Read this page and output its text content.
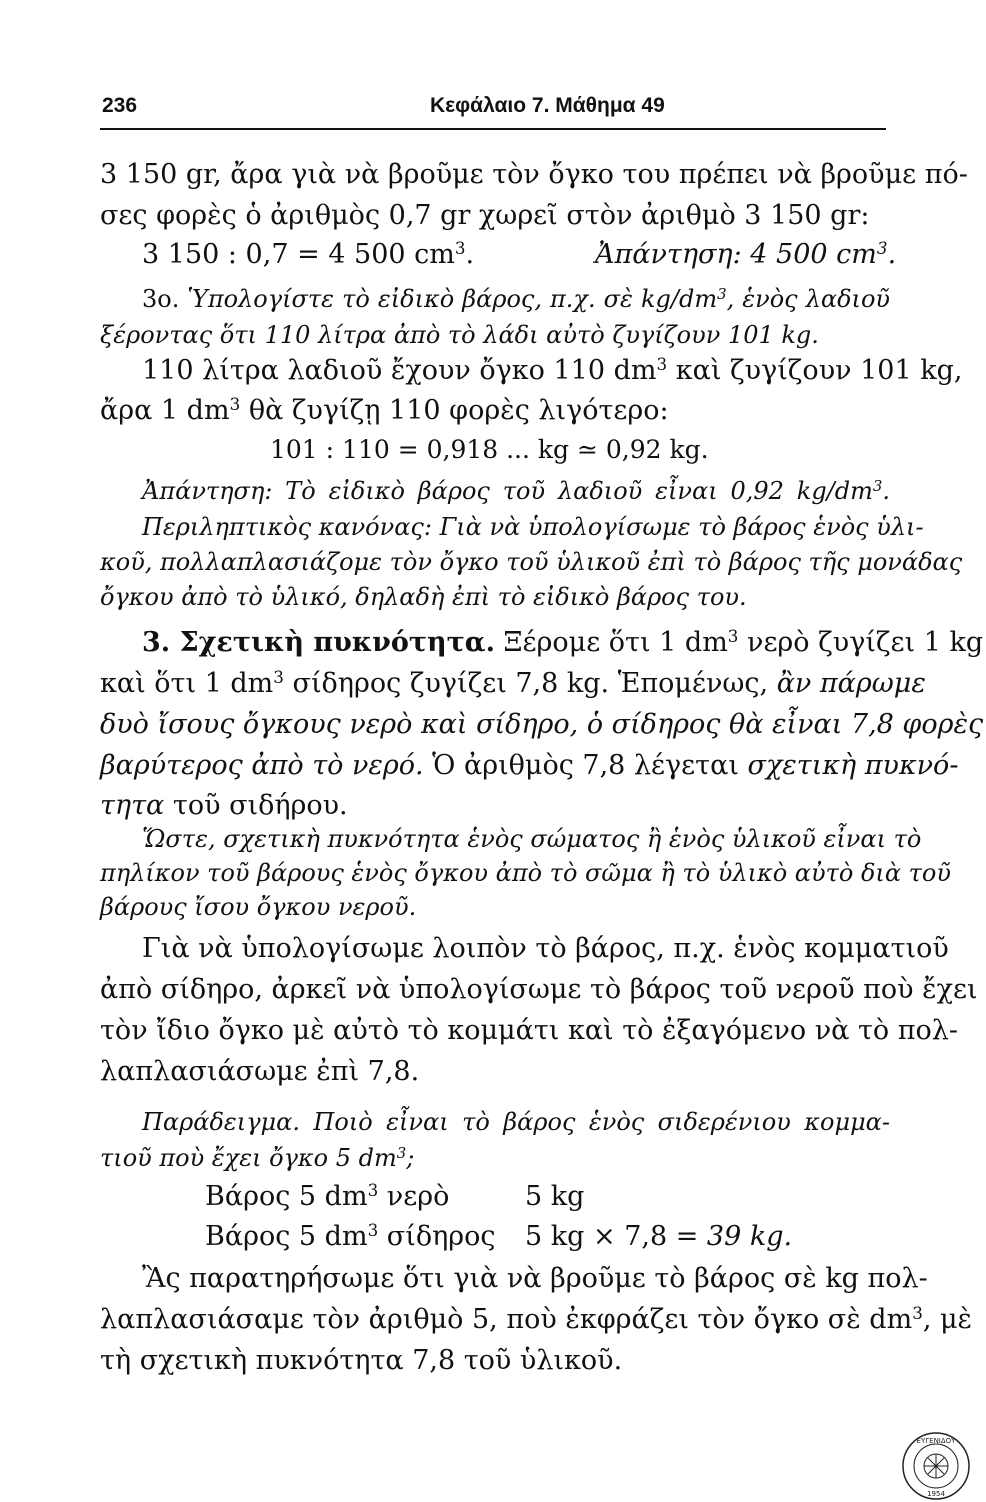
236	Κεφάλαιο 7. Μάθημα 49
3 150 gr, ἄρα γιὰ νὰ βροῦμε τὸν ὄγκο του πρέπει νὰ βροῦμε πό-
σες φορὲς ὁ ἀριθμὸς 0,7 gr χωρεῖ στὸν ἀριθμὸ 3 150 gr:
3 150 : 0,7 = 4 500 $cm^3$.	Ἀπάντηση: 4 500 $cm^3$.
3ο. Ὑπολογίστε τὸ εἰδικὸ βάρος, π.χ. σὲ $kg/dm^3$, ἑνὸς λαδιοῦ
ξέροντας ὅτι 110 λίτρα ἀπὸ τὸ λάδι αὐτὸ ζυγίζουν 101 kg.
110 λίτρα λαδιοῦ ἔχουν ὄγκο 110 $dm^3$ καὶ ζυγίζουν 101 kg,
ἄρα 1 $dm^3$ θὰ ζυγίζῃ 110 φορὲς λιγότερο:
101 : 110 = 0,918 ... kg ≃ 0,92 kg.
Ἀπάντηση: Τὸ εἰδικὸ βάρος τοῦ λαδιοῦ εἶναι 0,92 $kg/dm^3$.
Περιληπτικὸς κανόνας: Γιὰ νὰ ὑπολογίσωμε τὸ βάρος ἑνὸς ὑλι-
κοῦ, πολλαπλασιάζομε τὸν ὄγκο τοῦ ὑλικοῦ ἐπὶ τὸ βάρος τῆς μονάδας
ὄγκου ἀπὸ τὸ ὑλικό, δηλαδὴ ἐπὶ τὸ εἰδικὸ βάρος του.
3. Σχετικὴ πυκνότητα. Ξέρομε ὅτι 1 $dm^3$ νερὸ ζυγίζει 1 kg
καὶ ὅτι 1 $dm^3$ σίδηρος ζυγίζει 7,8 kg. Ἑπομένως, ἂν πάρωμε
δυὸ ἴσους ὄγκους νερὸ καὶ σίδηρο, ὁ σίδηρος θὰ εἶναι 7,8 φορὲς
βαρύτερος ἀπὸ τὸ νερό. Ὁ ἀριθμὸς 7,8 λέγεται σχετικὴ πυκνό-
τητα τοῦ σιδήρου.
Ὥστε, σχετικὴ πυκνότητα ἑνὸς σώματος ἢ ἑνὸς ὑλικοῦ εἶναι τὸ
πηλίκον τοῦ βάρους ἑνὸς ὄγκου ἀπὸ τὸ σῶμα ἢ τὸ ὑλικὸ αὐτὸ διὰ τοῦ
βάρους ἴσου ὄγκου νεροῦ.
Γιὰ νὰ ὑπολογίσωμε λοιπὸν τὸ βάρος, π.χ. ἑνὸς κομματιοῦ
ἀπὸ σίδηρο, ἀρκεῖ νὰ ὑπολογίσωμε τὸ βάρος τοῦ νεροῦ ποὺ ἔχει
τὸν ἴδιο ὄγκο μὲ αὐτὸ τὸ κομμάτι καὶ τὸ ἐξαγόμενο νὰ τὸ πολ-
λαπλασιάσωμε ἐπὶ 7,8.
Παράδειγμα. Ποιὸ εἶναι τὸ βάρος ἑνὸς σιδερένιου κομμα-
τιοῦ ποὺ ἔχει ὄγκο 5 $dm^3$;
Βάρος 5 $dm^3$ νερὸ	5 kg
Βάρος 5 $dm^3$ σίδηρος 5 kg × 7,8 = 39 kg.
Ἂς παρατηρήσωμε ὅτι γιὰ νὰ βροῦμε τὸ βάρος σὲ kg πολ-
λαπλασιάσαμε τὸν ἀριθμὸ 5, ποὺ ἐκφράζει τὸν ὄγκο σὲ $dm^3$, μὲ
τὴ σχετικὴ πυκνότητα 7,8 τοῦ ὑλικοῦ.
ΕΥΓΕΝΙΔΟΥ
1954
